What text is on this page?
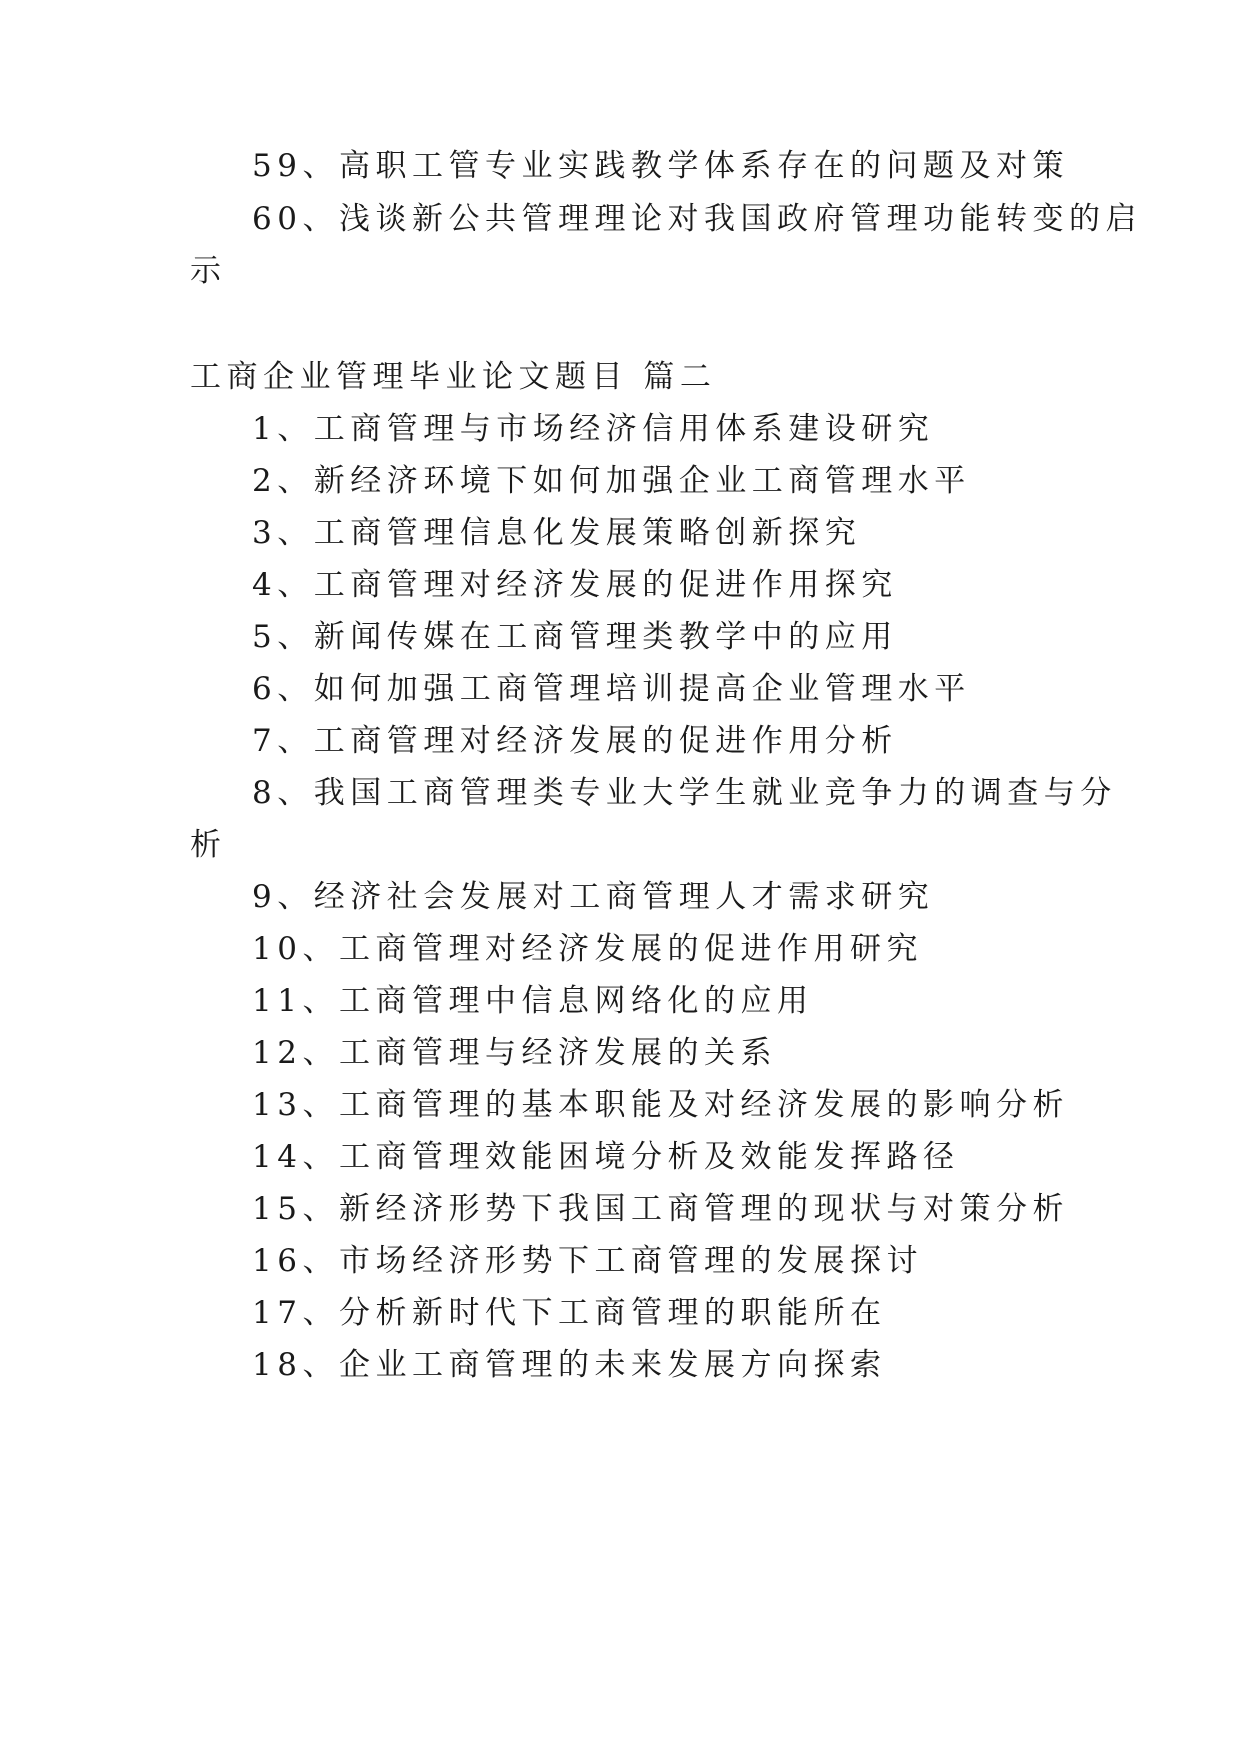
59、高职工管专业实践教学体系存在的问题及对策

60、浅谈新公共管理理论对我国政府管理功能转变的启

示

工商企业管理毕业论文题目 篇二

1、工商管理与市场经济信用体系建设研究

2、新经济环境下如何加强企业工商管理水平

3、工商管理信息化发展策略创新探究

4、工商管理对经济发展的促进作用探究

5、新闻传媒在工商管理类教学中的应用

6、如何加强工商管理培训提高企业管理水平

7、工商管理对经济发展的促进作用分析

8、我国工商管理类专业大学生就业竞争力的调查与分

析

9、经济社会发展对工商管理人才需求研究

10、工商管理对经济发展的促进作用研究

11、工商管理中信息网络化的应用

12、工商管理与经济发展的关系

13、工商管理的基本职能及对经济发展的影响分析

14、工商管理效能困境分析及效能发挥路径

15、新经济形势下我国工商管理的现状与对策分析

16、市场经济形势下工商管理的发展探讨

17、分析新时代下工商管理的职能所在

18、企业工商管理的未来发展方向探索
